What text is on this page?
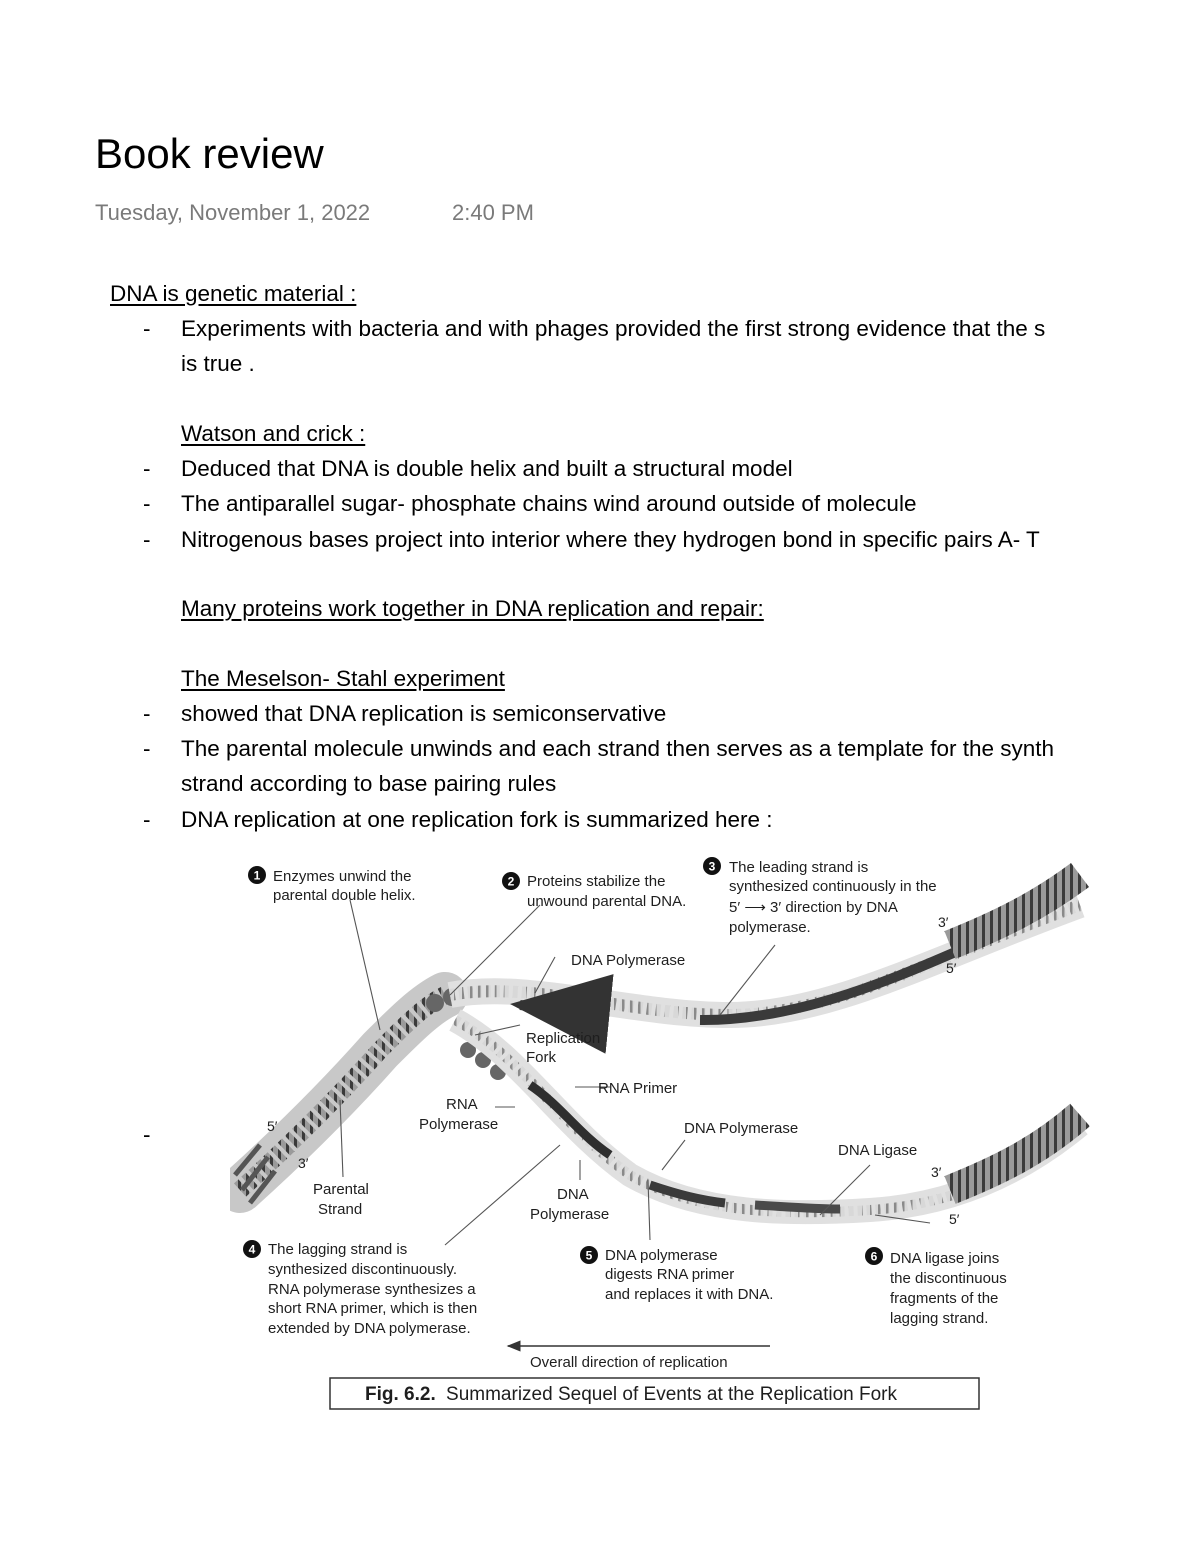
Book review
Tuesday, November 1, 2022	2:40 PM
DNA is genetic material :
- Experiments with bacteria and with phages provided the first strong evidence that the s
is true .
Watson and crick :
- Deduced that DNA is double helix and built a structural model
- The antiparallel sugar- phosphate chains wind around outside of molecule
- Nitrogenous bases project into interior where they hydrogen bond in specific pairs A- T
Many proteins work together in DNA replication and repair:
The Meselson- Stahl experiment
- showed that DNA replication is semiconservative
- The parental molecule unwinds and each strand then serves as a template for the synth
strand according to base pairing rules
- DNA replication at one replication fork is summarized here :
-
1	2
3
4	5	6
Enzymes unwind the
parental double helix.
Proteins stabilize the
unwound parental DNA.
The leading strand is
synthesized continuously in the
5′ ⟶ 3′ direction by DNA
polymerase.
The lagging strand is
synthesized discontinuously.
RNA polymerase synthesizes a
short RNA primer, which is then
extended by DNA polymerase.
DNA polymerase
digests RNA primer
and replaces it with DNA.
DNA ligase joins
the discontinuous
fragments of the
lagging strand.
DNA Polymerase
Replication
Fork
RNA Primer
RNA
Polymerase	DNA Polymerase
DNA
Polymerase
DNA Ligase
Parental
Strand
5′
3′
3′
5′
3′
5′
Overall direction of replication
Fig. 6.2. Summarized Sequel of Events at the Replication Fork
